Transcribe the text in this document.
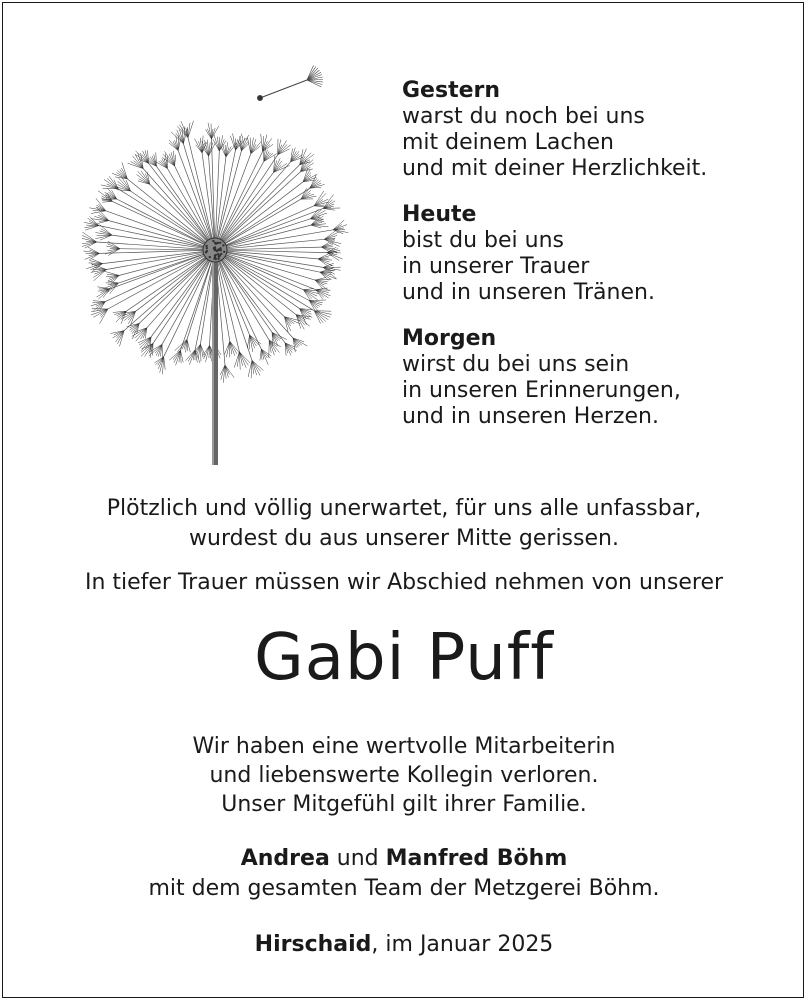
Gestern
warst du noch bei uns
mit deinem Lachen
und mit deiner Herzlichkeit.
Heute
bist du bei uns
in unserer Trauer
und in unseren Tränen.
Morgen
wirst du bei uns sein
in unseren Erinnerungen,
und in unseren Herzen.
Plötzlich und völlig unerwartet, für uns alle unfassbar,
wurdest du aus unserer Mitte gerissen.
In tiefer Trauer müssen wir Abschied nehmen von unserer
Gabi Puff
Wir haben eine wertvolle Mitarbeiterin
und liebenswerte Kollegin verloren.
Unser Mitgefühl gilt ihrer Familie.
Andrea und Manfred Böhm
mit dem gesamten Team der Metzgerei Böhm.
Hirschaid, im Januar 2025
